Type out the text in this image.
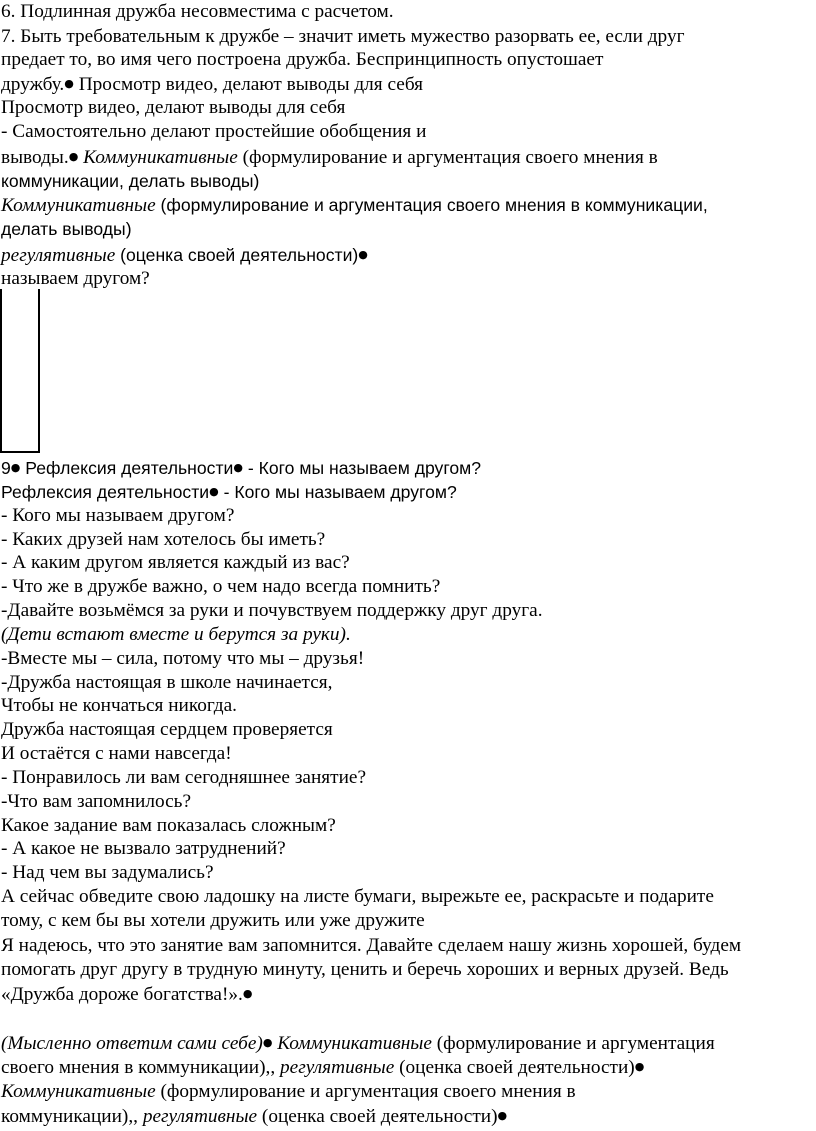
6. Подлинная дружба несовместима с расчетом.
7. Быть требовательным к дружбе – значит иметь мужество разорвать ее, если друг
предает то, во имя чего построена дружба. Беспринципность опустошает
дружбу.● Просмотр видео, делают выводы для себя
Просмотр видео, делают выводы для себя
- Самостоятельно делают простейшие обобщения и
выводы.● Коммуникативные (формулирование и аргументация своего мнения в
коммуникации, делать выводы)
Коммуникативные (формулирование и аргументация своего мнения в коммуникации,
делать выводы)
регулятивные (оценка своей деятельности)●
называем другом?
9● Рефлексия деятельности● - Кого мы называем другом?
Рефлексия деятельности● - Кого мы называем другом?
- Кого мы называем другом?
- Каких друзей нам хотелось бы иметь?
- А каким другом является каждый из вас?
- Что же в дружбе важно, о чем надо всегда помнить?
-Давайте возьмёмся за руки и почувствуем поддержку друг друга.
(Дети встают вместе и берутся за руки).
-Вместе мы – сила, потому что мы – друзья!
-Дружба настоящая в школе начинается,
Чтобы не кончаться никогда.
Дружба настоящая сердцем проверяется
И остаётся с нами навсегда!
- Понравилось ли вам сегодняшнее занятие?
-Что вам запомнилось?
Какое задание вам показалась сложным?
- А какое не вызвало затруднений?
- Над чем вы задумались?
А сейчас обведите свою ладошку на листе бумаги, вырежьте ее, раскрасьте и подарите
тому, с кем бы вы хотели дружить или уже дружите
Я надеюсь, что это занятие вам запомнится. Давайте сделаем нашу жизнь хорошей, будем
помогать друг другу в трудную минуту, ценить и беречь хороших и верных друзей. Ведь
«Дружба дороже богатства!».●
(Мысленно ответим сами себе)● Коммуникативные (формулирование и аргументация
своего мнения в коммуникации),, регулятивные (оценка своей деятельности)●
Коммуникативные (формулирование и аргументация своего мнения в
коммуникации),, регулятивные (оценка своей деятельности)●
